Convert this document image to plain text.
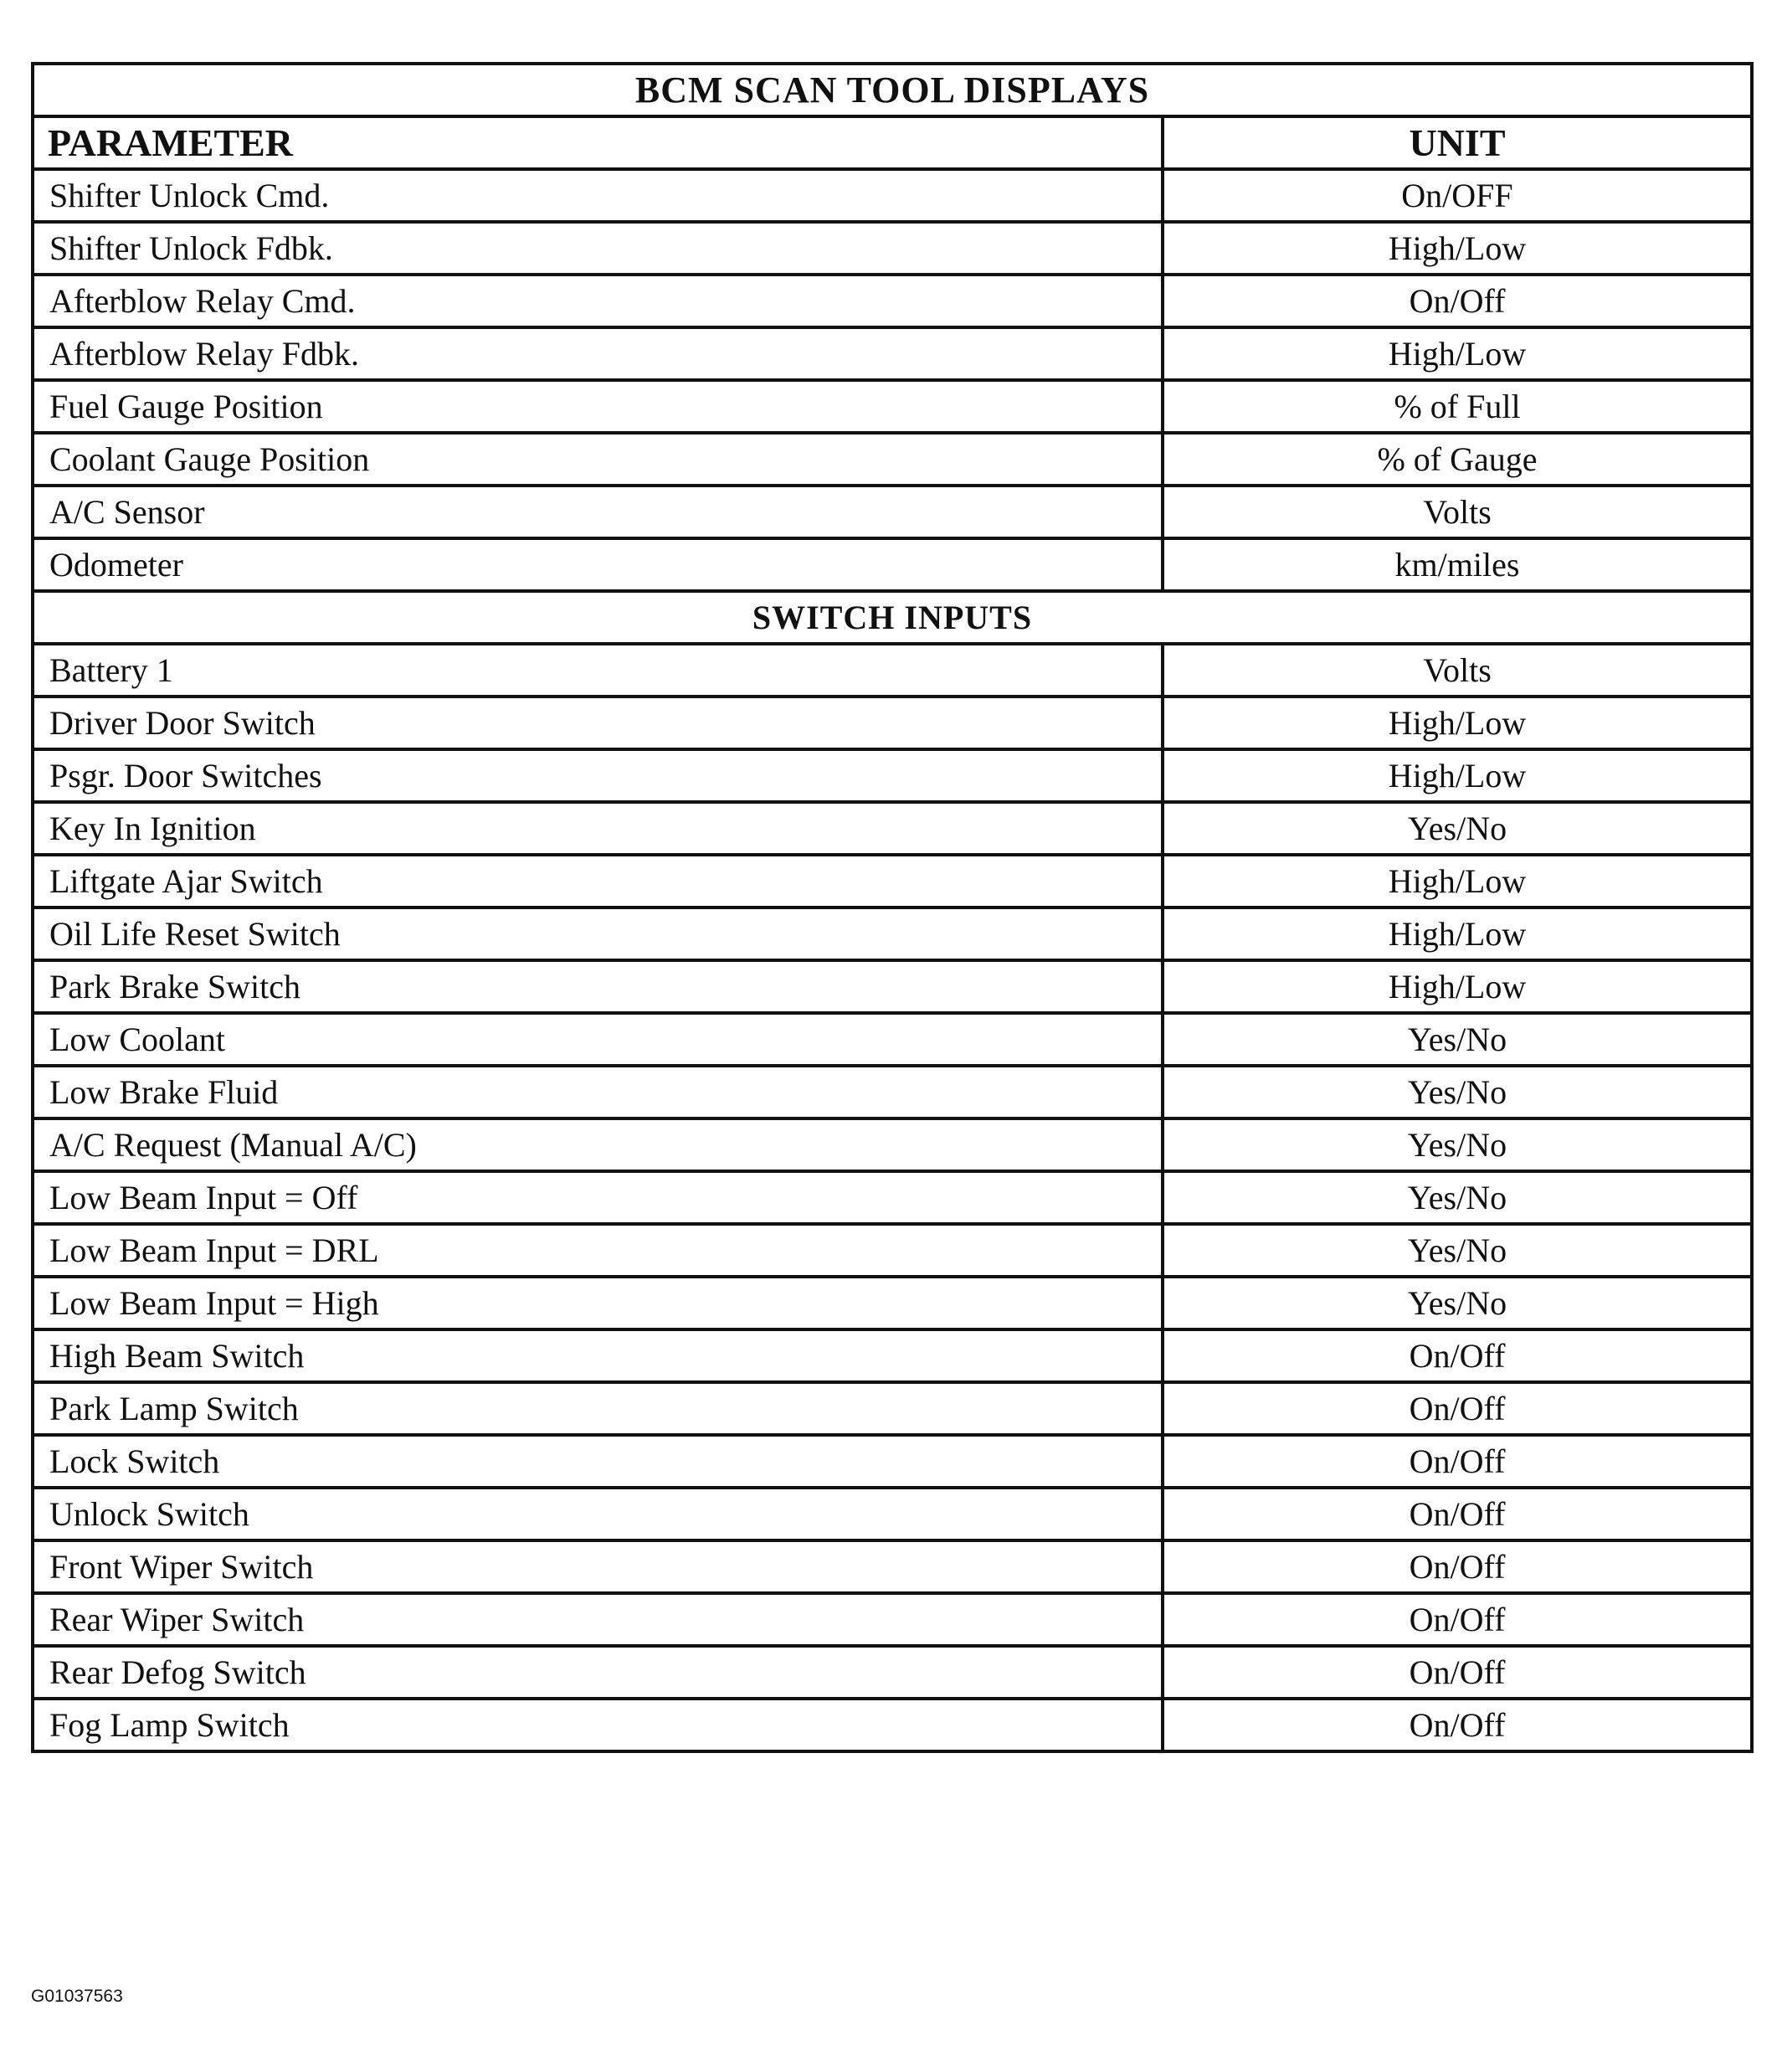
BCM SCAN TOOL DISPLAYS	
PARAMETER	UNIT
Shifter Unlock Cmd.	On/OFF
Shifter Unlock Fdbk.	High/Low
Afterblow Relay Cmd.	On/Off
Afterblow Relay Fdbk.	High/Low
Fuel Gauge Position	% of Full
Coolant Gauge Position	% of Gauge
A/C Sensor	Volts
Odometer	km/miles
SWITCH INPUTS	
Battery 1	Volts
Driver Door Switch	High/Low
Psgr. Door Switches	High/Low
Key In Ignition	Yes/No
Liftgate Ajar Switch	High/Low
Oil Life Reset Switch	High/Low
Park Brake Switch	High/Low
Low Coolant	Yes/No
Low Brake Fluid	Yes/No
A/C Request (Manual A/C)	Yes/No
Low Beam Input = Off	Yes/No
Low Beam Input = DRL	Yes/No
Low Beam Input = High	Yes/No
High Beam Switch	On/Off
Park Lamp Switch	On/Off
Lock Switch	On/Off
Unlock Switch	On/Off
Front Wiper Switch	On/Off
Rear Wiper Switch	On/Off
Rear Defog Switch	On/Off
Fog Lamp Switch	On/Off
G01037563
